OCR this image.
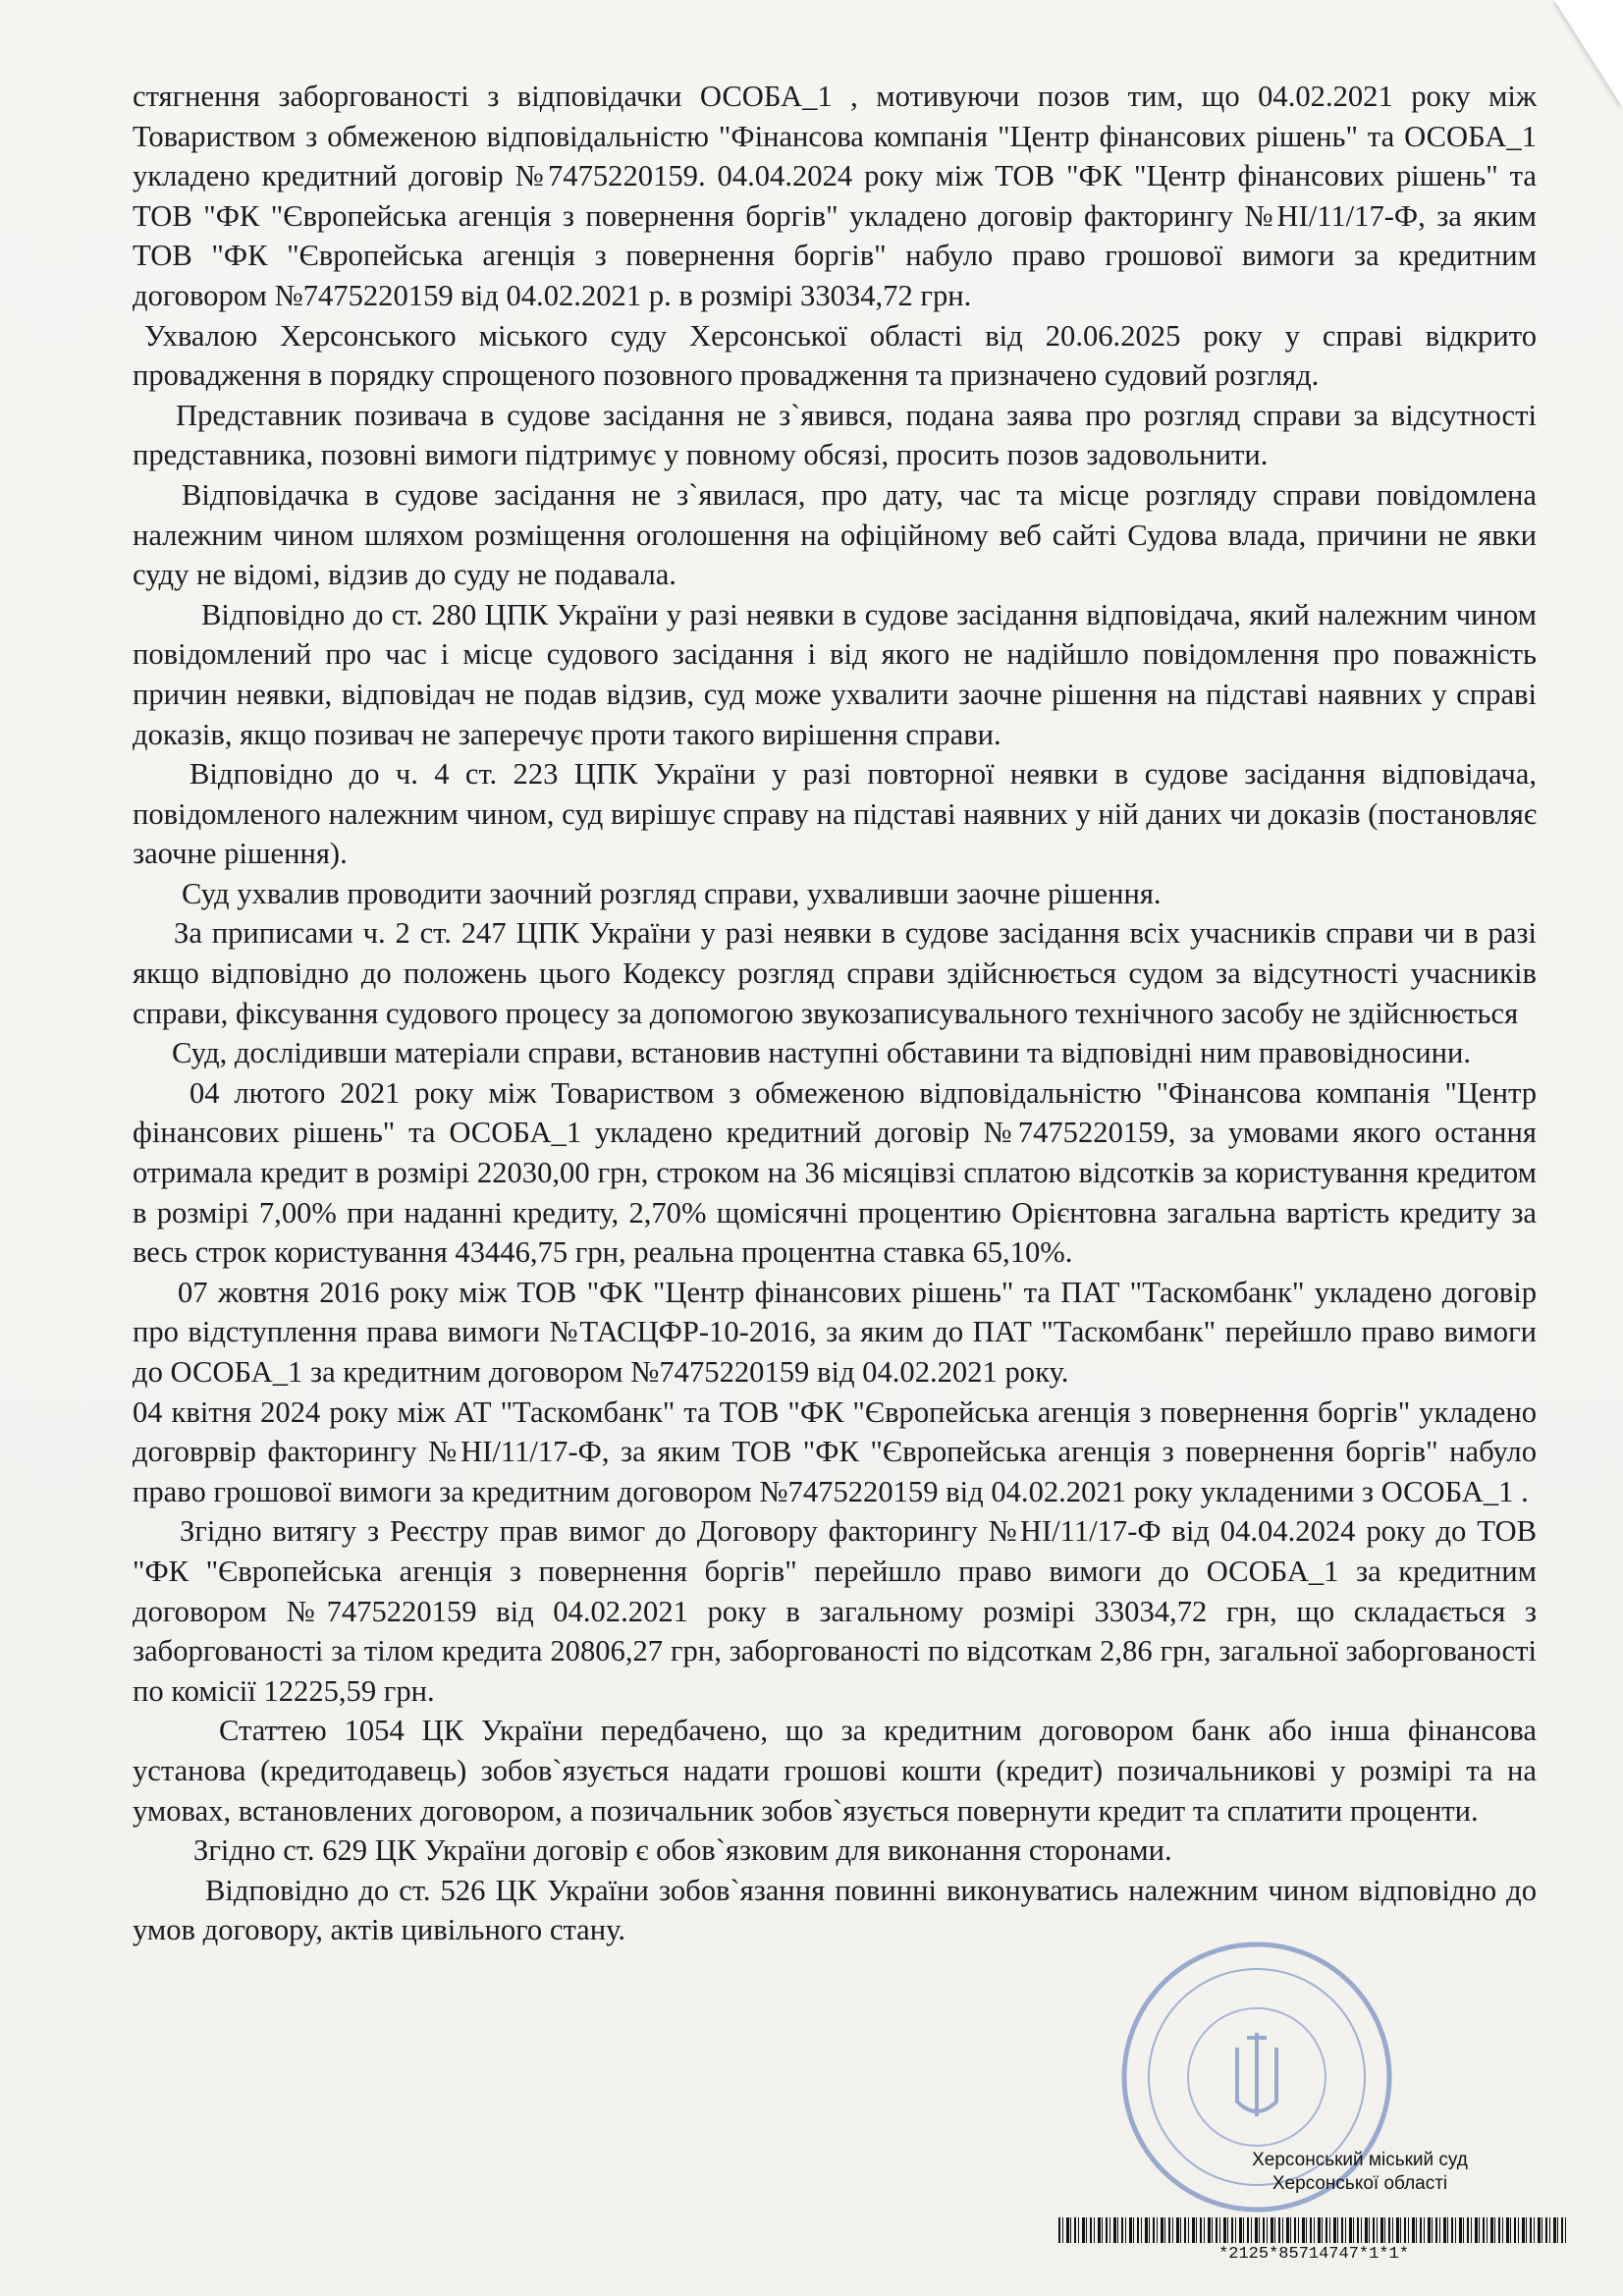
стягнення заборгованості з відповідачки ОСОБА_1 , мотивуючи позов тим, що 04.02.2021 року між Товариством з обмеженою відповідальністю "Фінансова компанія "Центр фінансових рішень" та ОСОБА_1 укладено кредитний договір №7475220159. 04.04.2024 року між ТОВ "ФК "Центр фінансових рішень" та ТОВ "ФК "Європейська агенція з повернення боргів" укладено договір факторингу №НІ/11/17-Ф, за яким ТОВ "ФК "Європейська агенція з повернення боргів" набуло право грошової вимоги за кредитним договором №7475220159 від 04.02.2021 р. в розмірі 33034,72 грн.

Ухвалою Херсонського міського суду Херсонської області від 20.06.2025 року у справі відкрито провадження в порядку спрощеного позовного провадження та призначено судовий розгляд.

Представник позивача в судове засідання не з`явився, подана заява про розгляд справи за відсутності представника, позовні вимоги підтримує у повному обсязі, просить позов задовольнити.

Відповідачка в судове засідання не з`явилася, про дату, час та місце розгляду справи повідомлена належним чином шляхом розміщення оголошення на офіційному веб сайті Судова влада, причини не явки суду не відомі, відзив до суду не подавала.

Відповідно до ст. 280 ЦПК України у разі неявки в судове засідання відповідача, який належним чином повідомлений про час і місце судового засідання і від якого не надійшло повідомлення про поважність причин неявки, відповідач не подав відзив, суд може ухвалити заочне рішення на підставі наявних у справі доказів, якщо позивач не заперечує проти такого вирішення справи.

Відповідно до ч. 4 ст. 223 ЦПК України у разі повторної неявки в судове засідання відповідача, повідомленого належним чином, суд вирішує справу на підставі наявних у ній даних чи доказів (постановляє заочне рішення).

Суд ухвалив проводити заочний розгляд справи, ухваливши заочне рішення.

За приписами ч. 2 ст. 247 ЦПК України у разі неявки в судове засідання всіх учасників справи чи в разі якщо відповідно до положень цього Кодексу розгляд справи здійснюється судом за відсутності учасників справи, фіксування судового процесу за допомогою звукозаписувального технічного засобу не здійснюється

Суд, дослідивши матеріали справи, встановив наступні обставини та відповідні ним правовідносини.

04 лютого 2021 року між Товариством з обмеженою відповідальністю "Фінансова компанія "Центр фінансових рішень" та ОСОБА_1 укладено кредитний договір №7475220159, за умовами якого остання отримала кредит в розмірі 22030,00 грн, строком на 36 місяцівзі сплатою відсотків за користування кредитом в розмірі 7,00% при наданні кредиту, 2,70% щомісячні процентию Орієнтовна загальна вартість кредиту за весь строк користування 43446,75 грн, реальна процентна ставка 65,10%.

07 жовтня 2016 року між ТОВ "ФК "Центр фінансових рішень" та ПАТ "Таскомбанк" укладено договір про відступлення права вимоги №ТАСЦФР-10-2016, за яким до ПАТ "Таскомбанк" перейшло право вимоги до ОСОБА_1 за кредитним договором №7475220159 від 04.02.2021 року.

04 квітня 2024 року між АТ "Таскомбанк" та ТОВ "ФК "Європейська агенція з повернення боргів" укладено договрвір факторингу №НІ/11/17-Ф, за яким ТОВ "ФК "Європейська агенція з повернення боргів" набуло право грошової вимоги за кредитним договором №7475220159 від 04.02.2021 року укладеними з ОСОБА_1 .

Згідно витягу з Реєстру прав вимог до Договору факторингу №НІ/11/17-Ф від 04.04.2024 року до ТОВ "ФК "Європейська агенція з повернення боргів" перейшло право вимоги до ОСОБА_1 за кредитним договором №7475220159 від 04.02.2021 року в загальному розмірі 33034,72 грн, що складається з заборгованості за тілом кредита 20806,27 грн, заборгованості по відсоткам 2,86 грн, загальної заборгованості по комісії 12225,59 грн.

Статтею 1054 ЦК України передбачено, що за кредитним договором банк або інша фінансова установа (кредитодавець) зобов`язується надати грошові кошти (кредит) позичальникові у розмірі та на умовах, встановлених договором, а позичальник зобов`язується повернути кредит та сплатити проценти.

Згідно ст. 629 ЦК України договір є обов`язковим для виконання сторонами.

Відповідно до ст. 526 ЦК України зобов`язання повинні виконуватись належним чином відповідно до умов договору, актів цивільного стану.

Херсонський міський суд
Херсонської області
*2125*85714747*1*1*
